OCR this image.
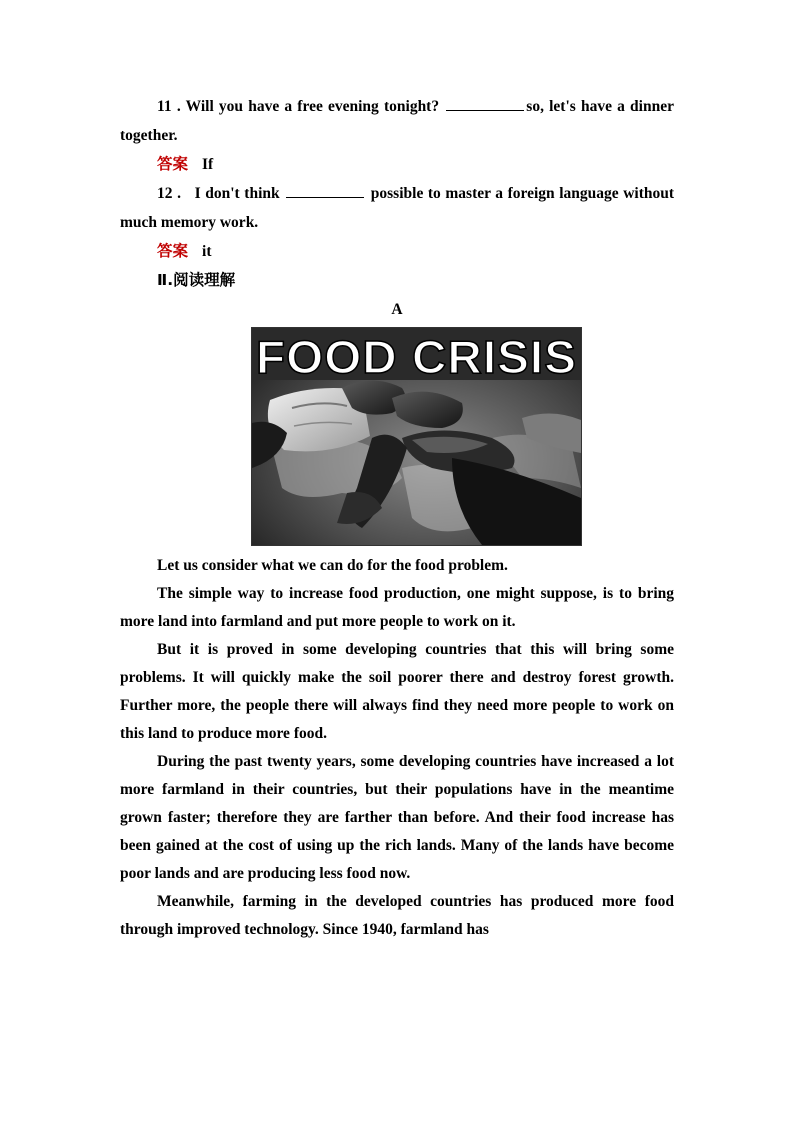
11 . Will you have a free evening tonight?	so, let's have a dinner together.

答案 If

12 .   I don't think	possible to master a foreign language without much memory work.

答案 it

Ⅱ.阅读理解

A

FOOD CRISIS

Let us consider what we can do for the food problem.

The simple way to increase food production, one might suppose, is to bring more land into farmland and put more people to work on it.

But it is proved in some developing countries that this will bring some problems. It will quickly make the soil poorer there and destroy forest growth. Further more, the people there will always find they need more people to work on this land to produce more food.

During the past twenty years, some developing countries have increased a lot more farmland in their countries, but their populations have in the meantime grown faster; therefore they are farther than before. And their food increase has been gained at the cost of using up the rich lands. Many of the lands have become poor lands and are producing less food now.

Meanwhile, farming in the developed countries has produced more food through improved technology. Since 1940, farmland has
